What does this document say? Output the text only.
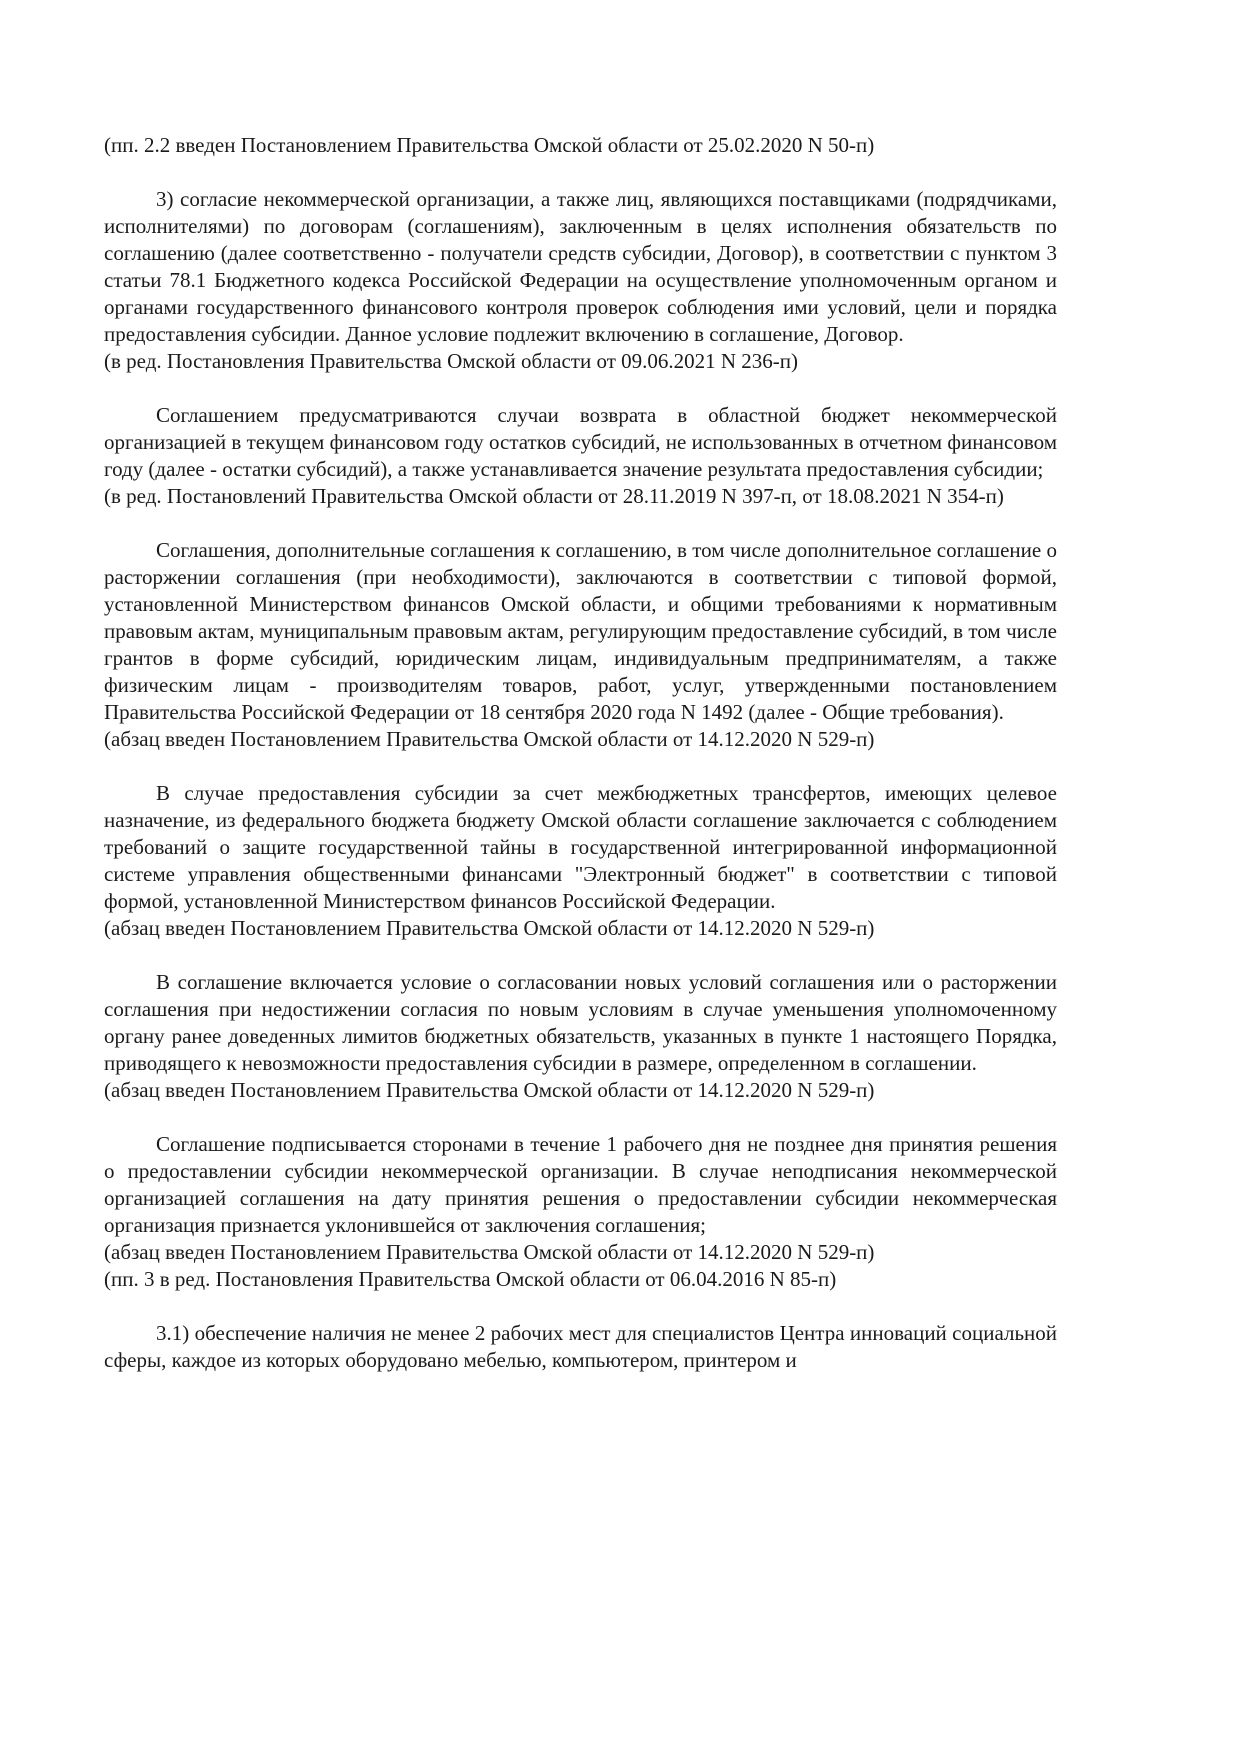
(пп. 2.2 введен Постановлением Правительства Омской области от 25.02.2020 N 50-п)

3) согласие некоммерческой организации, а также лиц, являющихся поставщиками (подрядчиками, исполнителями) по договорам (соглашениям), заключенным в целях исполнения обязательств по соглашению (далее соответственно - получатели средств субсидии, Договор), в соответствии с пунктом 3 статьи 78.1 Бюджетного кодекса Российской Федерации на осуществление уполномоченным органом и органами государственного финансового контроля проверок соблюдения ими условий, цели и порядка предоставления субсидии. Данное условие подлежит включению в соглашение, Договор.

(в ред. Постановления Правительства Омской области от 09.06.2021 N 236-п)

Соглашением предусматриваются случаи возврата в областной бюджет некоммерческой организацией в текущем финансовом году остатков субсидий, не использованных в отчетном финансовом году (далее - остатки субсидий), а также устанавливается значение результата предоставления субсидии;

(в ред. Постановлений Правительства Омской области от 28.11.2019 N 397-п, от 18.08.2021 N 354-п)

Соглашения, дополнительные соглашения к соглашению, в том числе дополнительное соглашение о расторжении соглашения (при необходимости), заключаются в соответствии с типовой формой, установленной Министерством финансов Омской области, и общими требованиями к нормативным правовым актам, муниципальным правовым актам, регулирующим предоставление субсидий, в том числе грантов в форме субсидий, юридическим лицам, индивидуальным предпринимателям, а также физическим лицам - производителям товаров, работ, услуг, утвержденными постановлением Правительства Российской Федерации от 18 сентября 2020 года N 1492 (далее - Общие требования).

(абзац введен Постановлением Правительства Омской области от 14.12.2020 N 529-п)

В случае предоставления субсидии за счет межбюджетных трансфертов, имеющих целевое назначение, из федерального бюджета бюджету Омской области соглашение заключается с соблюдением требований о защите государственной тайны в государственной интегрированной информационной системе управления общественными финансами "Электронный бюджет" в соответствии с типовой формой, установленной Министерством финансов Российской Федерации.

(абзац введен Постановлением Правительства Омской области от 14.12.2020 N 529-п)

В соглашение включается условие о согласовании новых условий соглашения или о расторжении соглашения при недостижении согласия по новым условиям в случае уменьшения уполномоченному органу ранее доведенных лимитов бюджетных обязательств, указанных в пункте 1 настоящего Порядка, приводящего к невозможности предоставления субсидии в размере, определенном в соглашении.

(абзац введен Постановлением Правительства Омской области от 14.12.2020 N 529-п)

Соглашение подписывается сторонами в течение 1 рабочего дня не позднее дня принятия решения о предоставлении субсидии некоммерческой организации. В случае неподписания некоммерческой организацией соглашения на дату принятия решения о предоставлении субсидии некоммерческая организация признается уклонившейся от заключения соглашения;

(абзац введен Постановлением Правительства Омской области от 14.12.2020 N 529-п)

(пп. 3 в ред. Постановления Правительства Омской области от 06.04.2016 N 85-п)

3.1) обеспечение наличия не менее 2 рабочих мест для специалистов Центра инноваций социальной сферы, каждое из которых оборудовано мебелью, компьютером, принтером и
